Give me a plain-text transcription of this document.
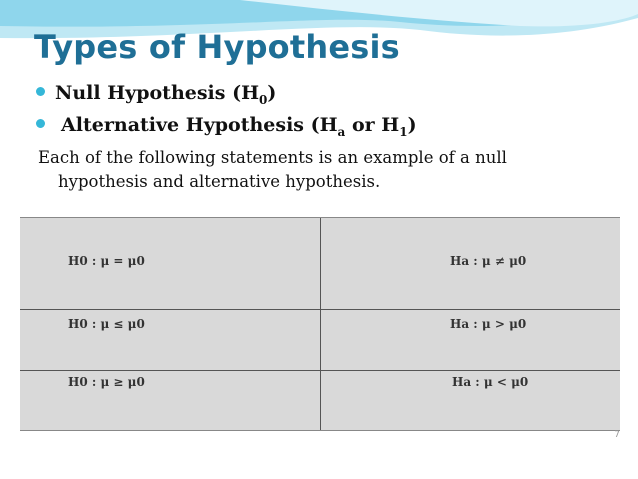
Types of Hypothesis
Null Hypothesis $(H_0)$
Alternative Hypothesis ($H_a$ or $H_1$)
Each of the following statements is an example of a null
hypothesis and alternative hypothesis.
H0 : μ = μ0	Ha : μ ≠ μ0
H0 : μ ≤ μ0	Ha : μ > μ0
H0 : μ ≥ μ0	Ha : μ < μ0
7
